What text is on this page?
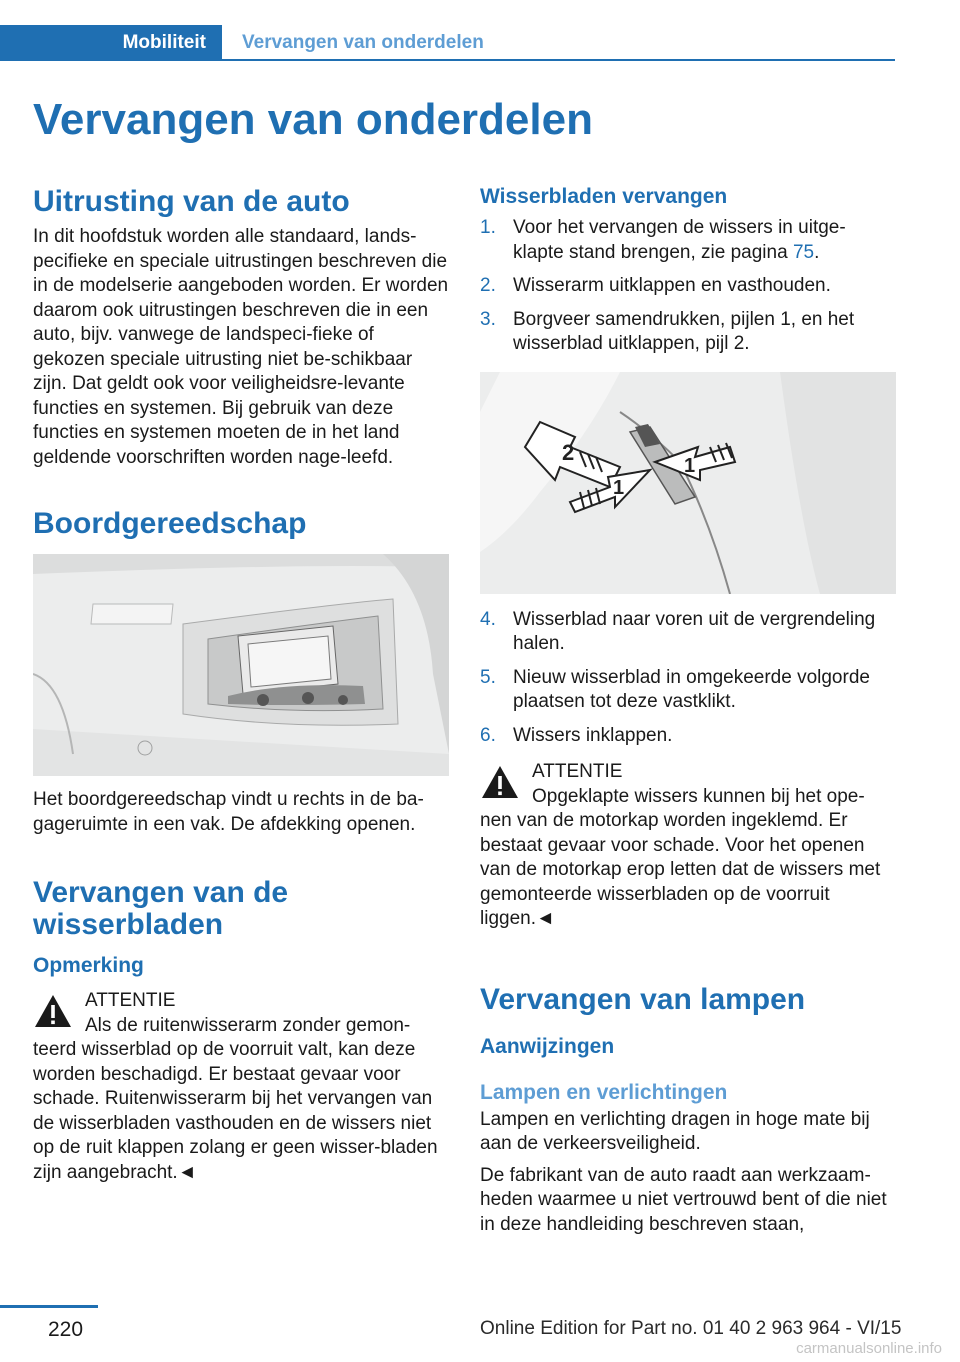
Mobiliteit	Vervangen van onderdelen
Vervangen van onderdelen
Uitrusting van de auto

In dit hoofdstuk worden alle standaard, lands-pecifieke en speciale uitrustingen beschreven die in de modelserie aangeboden worden. Er worden daarom ook uitrustingen beschreven die in een auto, bijv. vanwege de landspeci-fieke of gekozen speciale uitrusting niet be-schikbaar zijn. Dat geldt ook voor veiligheidsre-levante functies en systemen. Bij gebruik van deze functies en systemen moeten de in het land geldende voorschriften worden nage-leefd.

Boordgereedschap

Het boordgereedschap vindt u rechts in de ba-gageruimte in een vak. De afdekking openen.

Vervangen van de wisserbladen
Opmerking
ATTENTIE
Als de ruitenwisserarm zonder gemon-teerd wisserblad op de voorruit valt, kan deze worden beschadigd. Er bestaat gevaar voor schade. Ruitenwisserarm bij het vervangen van de wisserbladen vasthouden en de wissers niet op de ruit klappen zolang er geen wisser-bladen zijn aangebracht.◄
Wisserbladen vervangen
1. Voor het vervangen de wissers in uitge-klapte stand brengen, zie pagina 75.
2. Wisserarm uitklappen en vasthouden.
3. Borgveer samendrukken, pijlen 1, en het wisserblad uitklappen, pijl 2.
2
1
1
4. Wisserblad naar voren uit de vergrendeling halen.
5. Nieuw wisserblad in omgekeerde volgorde plaatsen tot deze vastklikt.
6. Wissers inklappen.
ATTENTIE
Opgeklapte wissers kunnen bij het ope-nen van de motorkap worden ingeklemd. Er bestaat gevaar voor schade. Voor het openen van de motorkap erop letten dat de wissers met gemonteerde wisserbladen op de voorruit liggen.◄
Vervangen van lampen
Aanwijzingen
Lampen en verlichtingen

Lampen en verlichting dragen in hoge mate bij aan de verkeersveiligheid.

De fabrikant van de auto raadt aan werkzaam-heden waarmee u niet vertrouwd bent of die niet in deze handleiding beschreven staan,

220	Online Edition for Part no. 01 40 2 963 964 - VI/15
carmanualsonline.info
